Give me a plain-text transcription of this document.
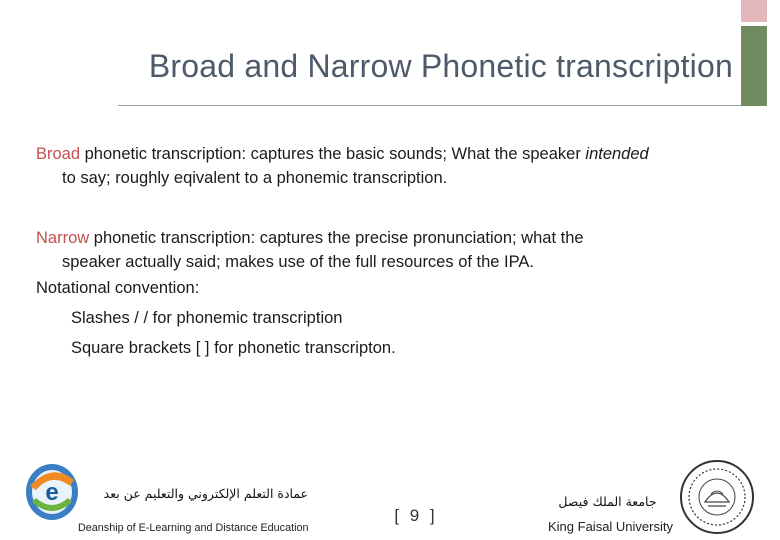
Broad and Narrow Phonetic transcription
Broad phonetic transcription: captures the basic sounds; What the speaker intended
to say; roughly eqivalent to a phonemic transcription.
Narrow phonetic transcription: captures the precise pronunciation; what the
speaker actually said; makes use of the full resources of the IPA.
Notational convention:
Slashes / / for phonemic transcription
Square brackets [ ] for phonetic transcripton.
e	عمادة التعلم الإلكتروني والتعليم عن بعد
Deanship of E-Learning and Distance Education
[ 9 ]
جامعة الملك فيصل
King Faisal University
